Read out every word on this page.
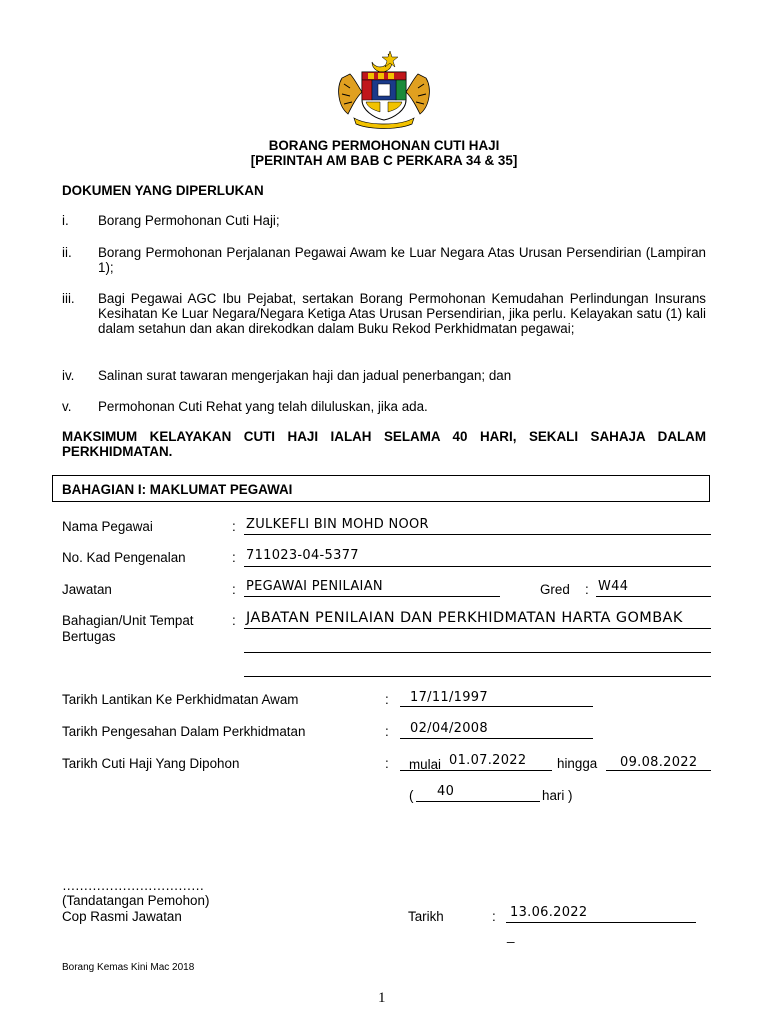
BORANG PERMOHONAN CUTI HAJI
[PERINTAH AM BAB C PERKARA 34 & 35]
DOKUMEN YANG DIPERLUKAN
i. Borang Permohonan Cuti Haji;
ii. Borang Permohonan Perjalanan Pegawai Awam ke Luar Negara Atas Urusan Persendirian (Lampiran 1);
iii. Bagi Pegawai AGC Ibu Pejabat, sertakan Borang Permohonan Kemudahan Perlindungan Insurans Kesihatan Ke Luar Negara/Negara Ketiga Atas Urusan Persendirian, jika perlu. Kelayakan satu (1) kali dalam setahun dan akan direkodkan dalam Buku Rekod Perkhidmatan pegawai;
iv. Salinan surat tawaran mengerjakan haji dan jadual penerbangan; dan
v. Permohonan Cuti Rehat yang telah diluluskan, jika ada.
MAKSIMUM KELAYAKAN CUTI HAJI IALAH SELAMA 40 HARI, SEKALI SAHAJA DALAM PERKHIDMATAN.
BAHAGIAN I: MAKLUMAT PEGAWAI
Nama Pegawai	: ZULKEFLI BIN MOHD NOOR
No. Kad Pengenalan	: 711023-04-5377
Jawatan	: PEGAWAI PENILAIAN	Gred : W44
Bahagian/Unit Tempat
Bertugas
: JABATAN PENILAIAN DAN PERKHIDMATAN HARTA GOMBAK
Tarikh Lantikan Ke Perkhidmatan Awam	: 17/11/1997
Tarikh Pengesahan Dalam Perkhidmatan	: 02/04/2008
Tarikh Cuti Haji Yang Dipohon	: mulai 01.07.2022 hingga 09.08.2022
( 40	hari )
……………………………
(Tandatangan Pemohon)
Cop Rasmi Jawatan	Tarikh	: 13.06.2022
_
Borang Kemas Kini Mac 2018
1
